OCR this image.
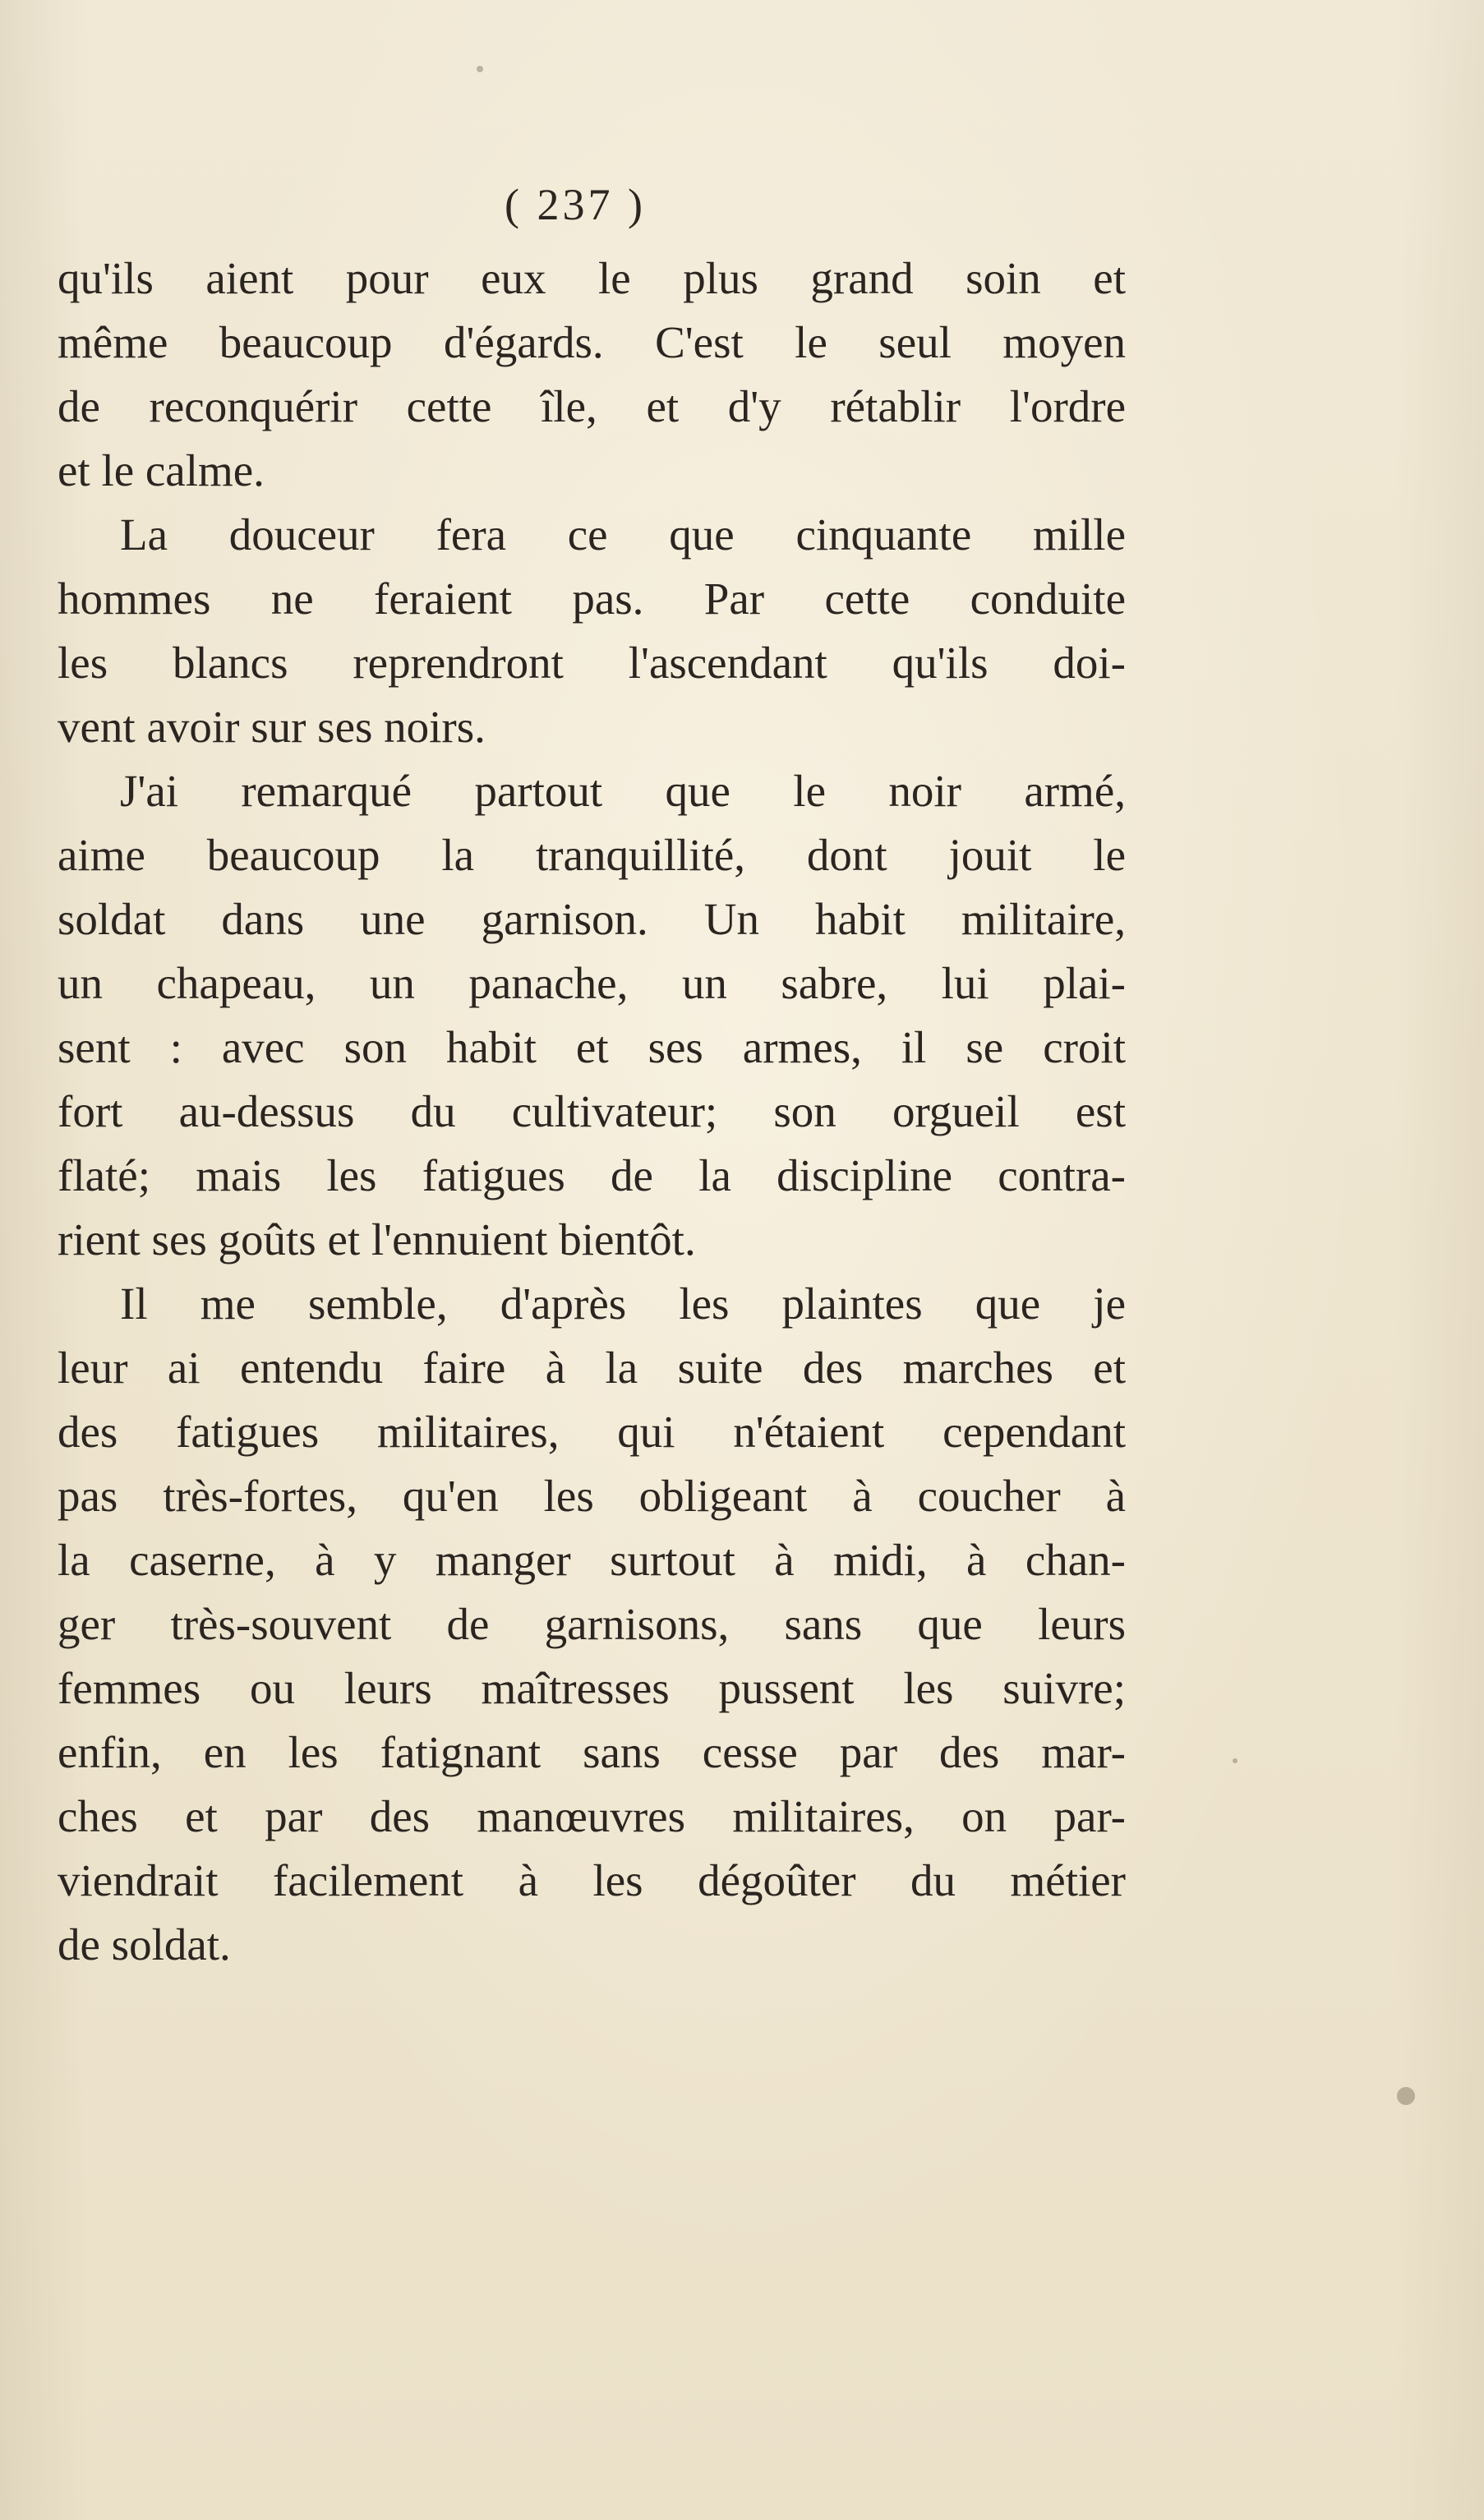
( 237 )
qu'ils aient pour eux le plus grand soin et
même beaucoup d'égards. C'est le seul moyen
de reconquérir cette île, et d'y rétablir l'ordre
et le calme.
La douceur fera ce que cinquante mille
hommes ne feraient pas. Par cette conduite
les blancs reprendront l'ascendant qu'ils doi-
vent avoir sur ses noirs.
J'ai remarqué partout que le noir armé,
aime beaucoup la tranquillité, dont jouit le
soldat dans une garnison. Un habit militaire,
un chapeau, un panache, un sabre, lui plai-
sent : avec son habit et ses armes, il se croit
fort au-dessus du cultivateur; son orgueil est
flaté; mais les fatigues de la discipline contra-
rient ses goûts et l'ennuient bientôt.
Il me semble, d'après les plaintes que je
leur ai entendu faire à la suite des marches et
des fatigues militaires, qui n'étaient cependant
pas très-fortes, qu'en les obligeant à coucher à
la caserne, à y manger surtout à midi, à chan-
ger très-souvent de garnisons, sans que leurs
femmes ou leurs maîtresses pussent les suivre;
enfin, en les fatignant sans cesse par des mar-
ches et par des manœuvres militaires, on par-
viendrait facilement à les dégoûter du métier
de soldat.
